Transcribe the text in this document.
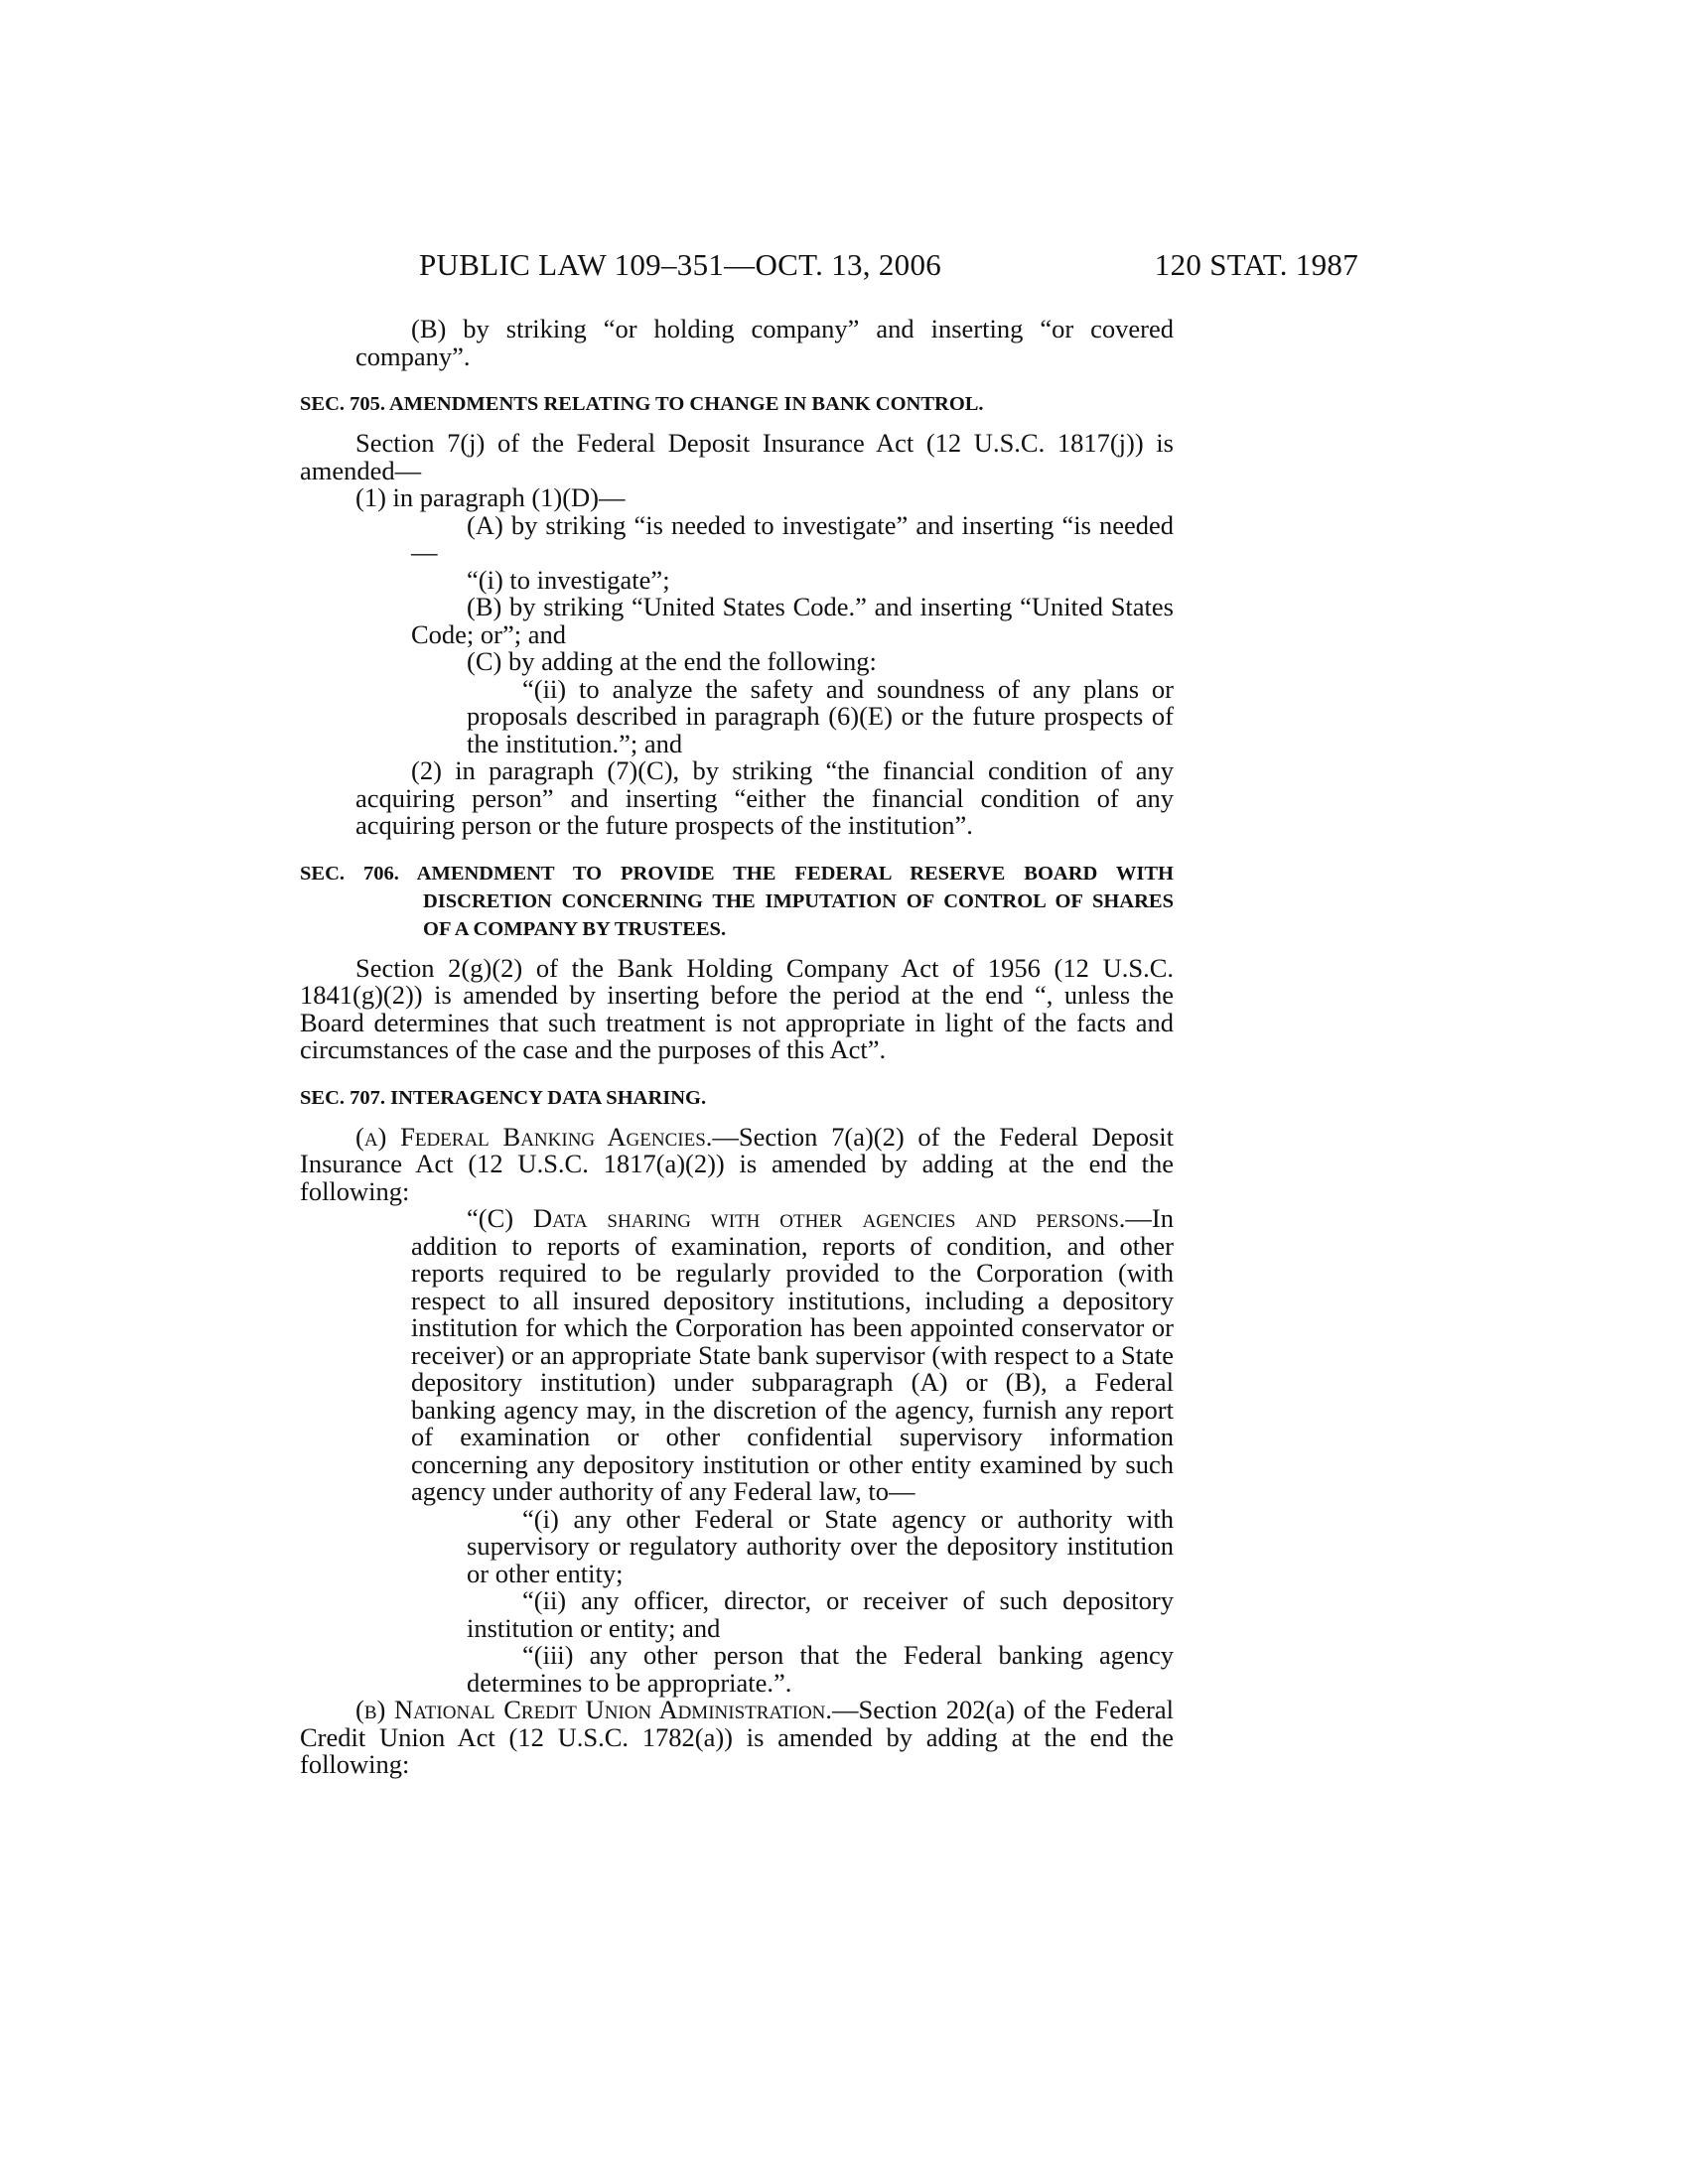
PUBLIC LAW 109–351—OCT. 13, 2006	120 STAT. 1987

(B) by striking “or holding company” and inserting “or covered company”.

SEC. 705. AMENDMENTS RELATING TO CHANGE IN BANK CONTROL.

Section 7(j) of the Federal Deposit Insurance Act (12 U.S.C. 1817(j)) is amended—

(1) in paragraph (1)(D)—

(A) by striking “is needed to investigate” and inserting “is needed—

“(i) to investigate”;

(B) by striking “United States Code.” and inserting “United States Code; or”; and

(C) by adding at the end the following:

“(ii) to analyze the safety and soundness of any plans or proposals described in paragraph (6)(E) or the future prospects of the institution.”; and

(2) in paragraph (7)(C), by striking “the financial condition of any acquiring person” and inserting “either the financial condition of any acquiring person or the future prospects of the institution”.

SEC. 706. AMENDMENT TO PROVIDE THE FEDERAL RESERVE BOARD WITH DISCRETION CONCERNING THE IMPUTATION OF CONTROL OF SHARES OF A COMPANY BY TRUSTEES.

Section 2(g)(2) of the Bank Holding Company Act of 1956 (12 U.S.C. 1841(g)(2)) is amended by inserting before the period at the end “, unless the Board determines that such treatment is not appropriate in light of the facts and circumstances of the case and the purposes of this Act”.

SEC. 707. INTERAGENCY DATA SHARING.

(a) Federal Banking Agencies.—Section 7(a)(2) of the Federal Deposit Insurance Act (12 U.S.C. 1817(a)(2)) is amended by adding at the end the following:

“(C) Data sharing with other agencies and persons.—In addition to reports of examination, reports of condition, and other reports required to be regularly provided to the Corporation (with respect to all insured depository institutions, including a depository institution for which the Corporation has been appointed conservator or receiver) or an appropriate State bank supervisor (with respect to a State depository institution) under subparagraph (A) or (B), a Federal banking agency may, in the discretion of the agency, furnish any report of examination or other confidential supervisory information concerning any depository institution or other entity examined by such agency under authority of any Federal law, to—

“(i) any other Federal or State agency or authority with supervisory or regulatory authority over the depository institution or other entity;

“(ii) any officer, director, or receiver of such depository institution or entity; and

“(iii) any other person that the Federal banking agency determines to be appropriate.”.

(b) National Credit Union Administration.—Section 202(a) of the Federal Credit Union Act (12 U.S.C. 1782(a)) is amended by adding at the end the following:
